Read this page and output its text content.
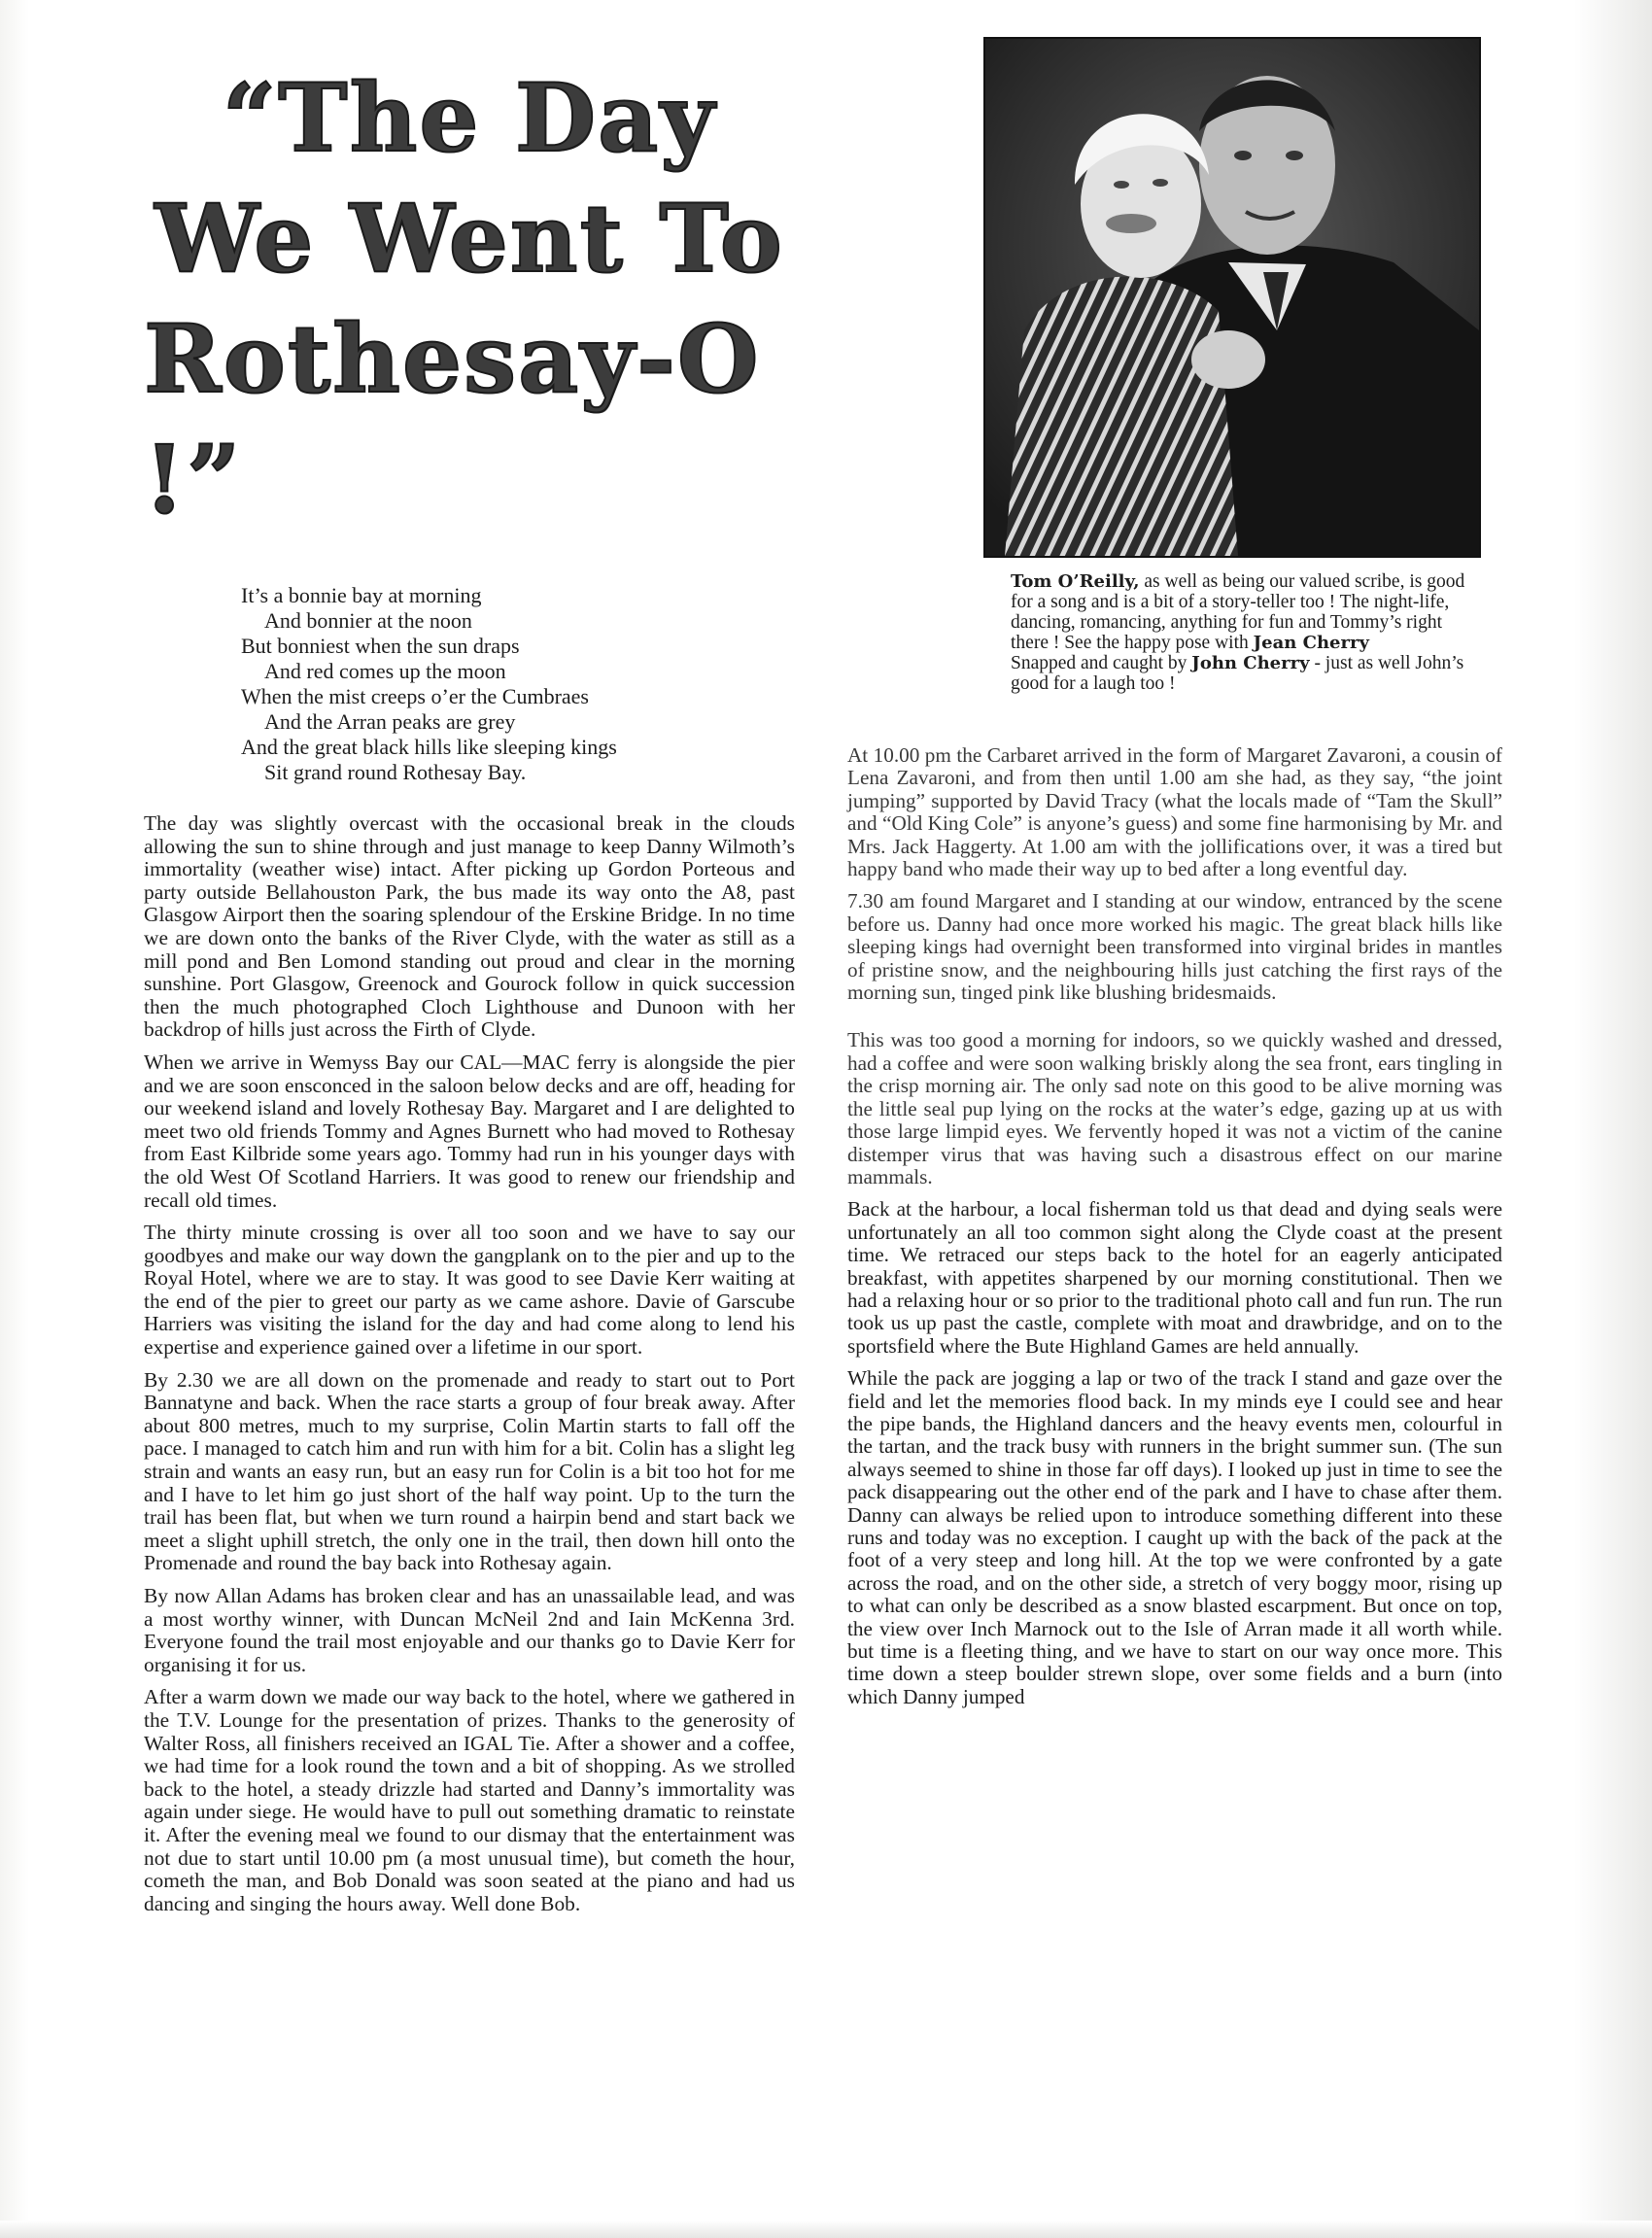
“The Day
We Went To
Rothesay-O !”
It’s a bonnie bay at morning
And bonnier at the noon
But bonniest when the sun draps
And red comes up the moon
When the mist creeps o’er the Cumbraes
And the Arran peaks are grey
And the great black hills like sleeping kings
Sit grand round Rothesay Bay.

The day was slightly overcast with the occasional break in the clouds allowing the sun to shine through and just manage to keep Danny Wilmoth’s immortality (weather wise) intact. After picking up Gordon Porteous and party outside Bellahouston Park, the bus made its way onto the A8, past Glasgow Airport then the soaring splendour of the Erskine Bridge. In no time we are down onto the banks of the River Clyde, with the water as still as a mill pond and Ben Lomond standing out proud and clear in the morning sunshine. Port Glasgow, Greenock and Gourock follow in quick succession then the much photographed Cloch Lighthouse and Dunoon with her backdrop of hills just across the Firth of Clyde.

When we arrive in Wemyss Bay our CAL—MAC ferry is alongside the pier and we are soon ensconced in the saloon below decks and are off, heading for our weekend island and lovely Rothesay Bay. Margaret and I are delighted to meet two old friends Tommy and Agnes Burnett who had moved to Rothesay from East Kilbride some years ago. Tommy had run in his younger days with the old West Of Scotland Harriers. It was good to renew our friendship and recall old times.

The thirty minute crossing is over all too soon and we have to say our goodbyes and make our way down the gangplank on to the pier and up to the Royal Hotel, where we are to stay. It was good to see Davie Kerr waiting at the end of the pier to greet our party as we came ashore. Davie of Garscube Harriers was visiting the island for the day and had come along to lend his expertise and experience gained over a lifetime in our sport.

By 2.30 we are all down on the promenade and ready to start out to Port Bannatyne and back. When the race starts a group of four break away. After about 800 metres, much to my surprise, Colin Martin starts to fall off the pace. I managed to catch him and run with him for a bit. Colin has a slight leg strain and wants an easy run, but an easy run for Colin is a bit too hot for me and I have to let him go just short of the half way point. Up to the turn the trail has been flat, but when we turn round a hairpin bend and start back we meet a slight uphill stretch, the only one in the trail, then down hill onto the Promenade and round the bay back into Rothesay again.

By now Allan Adams has broken clear and has an unassailable lead, and was a most worthy winner, with Duncan McNeil 2nd and Iain McKenna 3rd. Everyone found the trail most enjoyable and our thanks go to Davie Kerr for organising it for us.

After a warm down we made our way back to the hotel, where we gathered in the T.V. Lounge for the presentation of prizes. Thanks to the generosity of Walter Ross, all finishers received an IGAL Tie. After a shower and a coffee, we had time for a look round the town and a bit of shopping. As we strolled back to the hotel, a steady drizzle had started and Danny’s immortality was again under siege. He would have to pull out something dramatic to reinstate it. After the evening meal we found to our dismay that the entertainment was not due to start until 10.00 pm (a most unusual time), but cometh the hour, cometh the man, and Bob Donald was soon seated at the piano and had us dancing and singing the hours away. Well done Bob.

Tom O’Reilly, as well as being our valued scribe, is good for a song and is a bit of a story-teller too ! The night-life, dancing, romancing, anything for fun and Tommy’s right there ! See the happy pose with Jean Cherry
Snapped and caught by John Cherry - just as well John’s good for a laugh too !

At 10.00 pm the Carbaret arrived in the form of Margaret Zavaroni, a cousin of Lena Zavaroni, and from then until 1.00 am she had, as they say, “the joint jumping” supported by David Tracy (what the locals made of “Tam the Skull” and “Old King Cole” is anyone’s guess) and some fine harmonising by Mr. and Mrs. Jack Haggerty. At 1.00 am with the jollifications over, it was a tired but happy band who made their way up to bed after a long eventful day.

7.30 am found Margaret and I standing at our window, entranced by the scene before us. Danny had once more worked his magic. The great black hills like sleeping kings had overnight been transformed into virginal brides in mantles of pristine snow, and the neighbouring hills just catching the first rays of the morning sun, tinged pink like blushing bridesmaids.

This was too good a morning for indoors, so we quickly washed and dressed, had a coffee and were soon walking briskly along the sea front, ears tingling in the crisp morning air. The only sad note on this good to be alive morning was the little seal pup lying on the rocks at the water’s edge, gazing up at us with those large limpid eyes. We fervently hoped it was not a victim of the canine distemper virus that was having such a disastrous effect on our marine mammals.

Back at the harbour, a local fisherman told us that dead and dying seals were unfortunately an all too common sight along the Clyde coast at the present time. We retraced our steps back to the hotel for an eagerly anticipated breakfast, with appetites sharpened by our morning constitutional. Then we had a relaxing hour or so prior to the traditional photo call and fun run. The run took us up past the castle, complete with moat and drawbridge, and on to the sportsfield where the Bute Highland Games are held annually.

While the pack are jogging a lap or two of the track I stand and gaze over the field and let the memories flood back. In my minds eye I could see and hear the pipe bands, the Highland dancers and the heavy events men, colourful in the tartan, and the track busy with runners in the bright summer sun. (The sun always seemed to shine in those far off days). I looked up just in time to see the pack disappearing out the other end of the park and I have to chase after them. Danny can always be relied upon to introduce something different into these runs and today was no exception. I caught up with the back of the pack at the foot of a very steep and long hill. At the top we were confronted by a gate across the road, and on the other side, a stretch of very boggy moor, rising up to what can only be described as a snow blasted escarpment. But once on top, the view over Inch Marnock out to the Isle of Arran made it all worth while. but time is a fleeting thing, and we have to start on our way once more. This time down a steep boulder strewn slope, over some fields and a burn (into which Danny jumped
